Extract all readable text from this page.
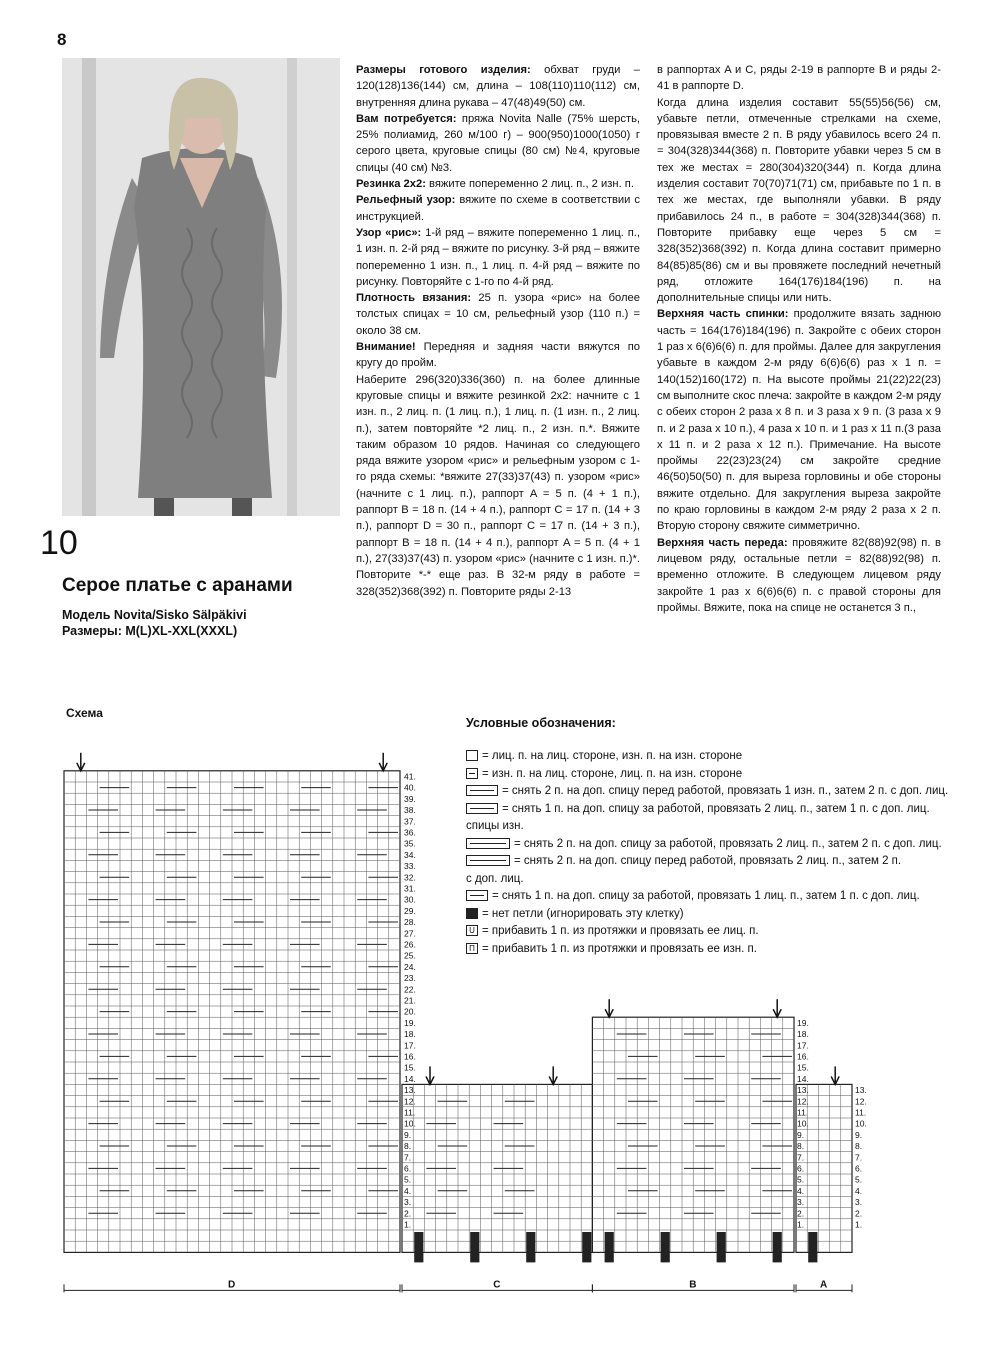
8
10
Серое платье с аранами
Модель Novita/Sisko Sälpäkivi
Размеры: M(L)XL-XXL(XXXL)

Размеры готового изделия: обхват груди – 120(128)136(144) см, длина – 108(110)110(112) см, внутренняя длина рукава – 47(48)49(50) см.

Вам потребуется: пряжа Novita Nalle (75% шерсть, 25% полиамид, 260 м/100 г) – 900(950)1000(1050) г серого цвета, круговые спицы (80 см) №4, круговые спицы (40 см) №3.

Резинка 2х2: вяжите попеременно 2 лиц. п., 2 изн. п.

Рельефный узор: вяжите по схеме в соответствии с инструкцией.

Узор «рис»: 1-й ряд – вяжите попеременно 1 лиц. п., 1 изн. п. 2-й ряд – вяжите по рисунку. 3-й ряд – вяжите попеременно 1 изн. п., 1 лиц. п. 4-й ряд – вяжите по рисунку. Повторяйте с 1-го по 4-й ряд.

Плотность вязания: 25 п. узора «рис» на более толстых спицах = 10 см, рельефный узор (110 п.) = около 38 см.

Внимание! Передняя и задняя части вяжутся по кругу до пройм.

Наберите 296(320)336(360) п. на более длинные круговые спицы и вяжите резинкой 2х2: начните с 1 изн. п., 2 лиц. п. (1 лиц. п.), 1 лиц. п. (1 изн. п., 2 лиц. п.), затем повторяйте *2 лиц. п., 2 изн. п.*. Вяжите таким образом 10 рядов. Начиная со следующего ряда вяжите узором «рис» и рельефным узором с 1-го ряда схемы: *вяжите 27(33)37(43) п. узором «рис» (начните с 1 лиц. п.), раппорт A = 5 п. (4 + 1 п.), раппорт B = 18 п. (14 + 4 п.), раппорт C = 17 п. (14 + 3 п.), раппорт D = 30 п., раппорт C = 17 п. (14 + 3 п.), раппорт B = 18 п. (14 + 4 п.), раппорт A = 5 п. (4 + 1 п.), 27(33)37(43) п. узором «рис» (начните с 1 изн. п.)*. Повторите *-* еще раз. В 32-м ряду в работе = 328(352)368(392) п. Повторите ряды 2-13

в раппортах A и C, ряды 2-19 в раппорте B и ряды 2-41 в раппорте D.

Когда длина изделия составит 55(55)56(56) см, убавьте петли, отмеченные стрелками на схеме, провязывая вместе 2 п. В ряду убавилось всего 24 п. = 304(328)344(368) п. Повторите убавки через 5 см в тех же местах = 280(304)320(344) п. Когда длина изделия составит 70(70)71(71) см, прибавьте по 1 п. в тех же местах, где выполняли убавки. В ряду прибавилось 24 п., в работе = 304(328)344(368) п. Повторите прибавку еще через 5 см = 328(352)368(392) п. Когда длина составит примерно 84(85)85(86) см и вы провяжете последний нечетный ряд, отложите 164(176)184(196) п. на дополнительные спицы или нить.

Верхняя часть спинки: продолжите вязать заднюю часть = 164(176)184(196) п. Закройте с обеих сторон 1 раз х 6(6)6(6) п. для проймы. Далее для закругления убавьте в каждом 2-м ряду 6(6)6(6) раз х 1 п. = 140(152)160(172) п. На высоте проймы 21(22)22(23) см выполните скос плеча: закройте в каждом 2-м ряду с обеих сторон 2 раза х 8 п. и 3 раза х 9 п. (3 раза х 9 п. и 2 раза х 10 п.), 4 раза х 10 п. и 1 раз х 11 п.(3 раза х 11 п. и 2 раза х 12 п.). Примечание. На высоте проймы 22(23)23(24) см закройте средние 46(50)50(50) п. для выреза горловины и обе стороны вяжите отдельно. Для закругления выреза закройте по краю горловины в каждом 2-м ряду 2 раза х 2 п. Вторую сторону свяжите симметрично.

Верхняя часть переда: провяжите 82(88)92(98) п. в лицевом ряду, остальные петли = 82(88)92(98) п. временно отложите. В следующем лицевом ряду закройте 1 раз х 6(6)6(6) п. с правой стороны для проймы. Вяжите, пока на спице не останется 3 п.,

Схема
Условные обозначения:
= лиц. п. на лиц. стороне, изн. п. на изн. стороне
= изн. п. на лиц. стороне, лиц. п. на изн. стороне
= снять 2 п. на доп. спицу перед работой, провязать 1 изн. п., затем 2 п. с доп. лиц.
= снять 1 п. на доп. спицу за работой, провязать 2 лиц. п., затем 1 п. с доп. лиц.
спицы изн.
= снять 2 п. на доп. спицу за работой, провязать 2 лиц. п., затем 2 п. с доп. лиц.
= снять 2 п. на доп. спицу перед работой, провязать 2 лиц. п., затем 2 п.
с доп. лиц.
= снять 1 п. на доп. спицу за работой, провязать 1 лиц. п., затем 1 п. с доп. лиц.
= нет петли (игнорировать эту клетку)
U = прибавить 1 п. из протяжки и провязать ее лиц. п.
П = прибавить 1 п. из протяжки и провязать ее изн. п.
1.
2.
3.
4.
5.
6.
7.
8.
9.
10.
11.
12.
13.
14.
15.
16.
17.
18.
19.
20.
21.
22.
23.
24.
25.
26.
27.
28.
29.
30.
31.
32.
33.
34.
35.
36.
37.
38.
39.
40.
41.
1.
2.
3.
4.
5.
6.
7.
8.
9.
10.
11.
12.
13.
14.
15.
16.
17.
18.
19.
1.
2.
3.
4.
5.
6.
7.
8.
9.
10.
11.
12.
13.
D	C	B	A
